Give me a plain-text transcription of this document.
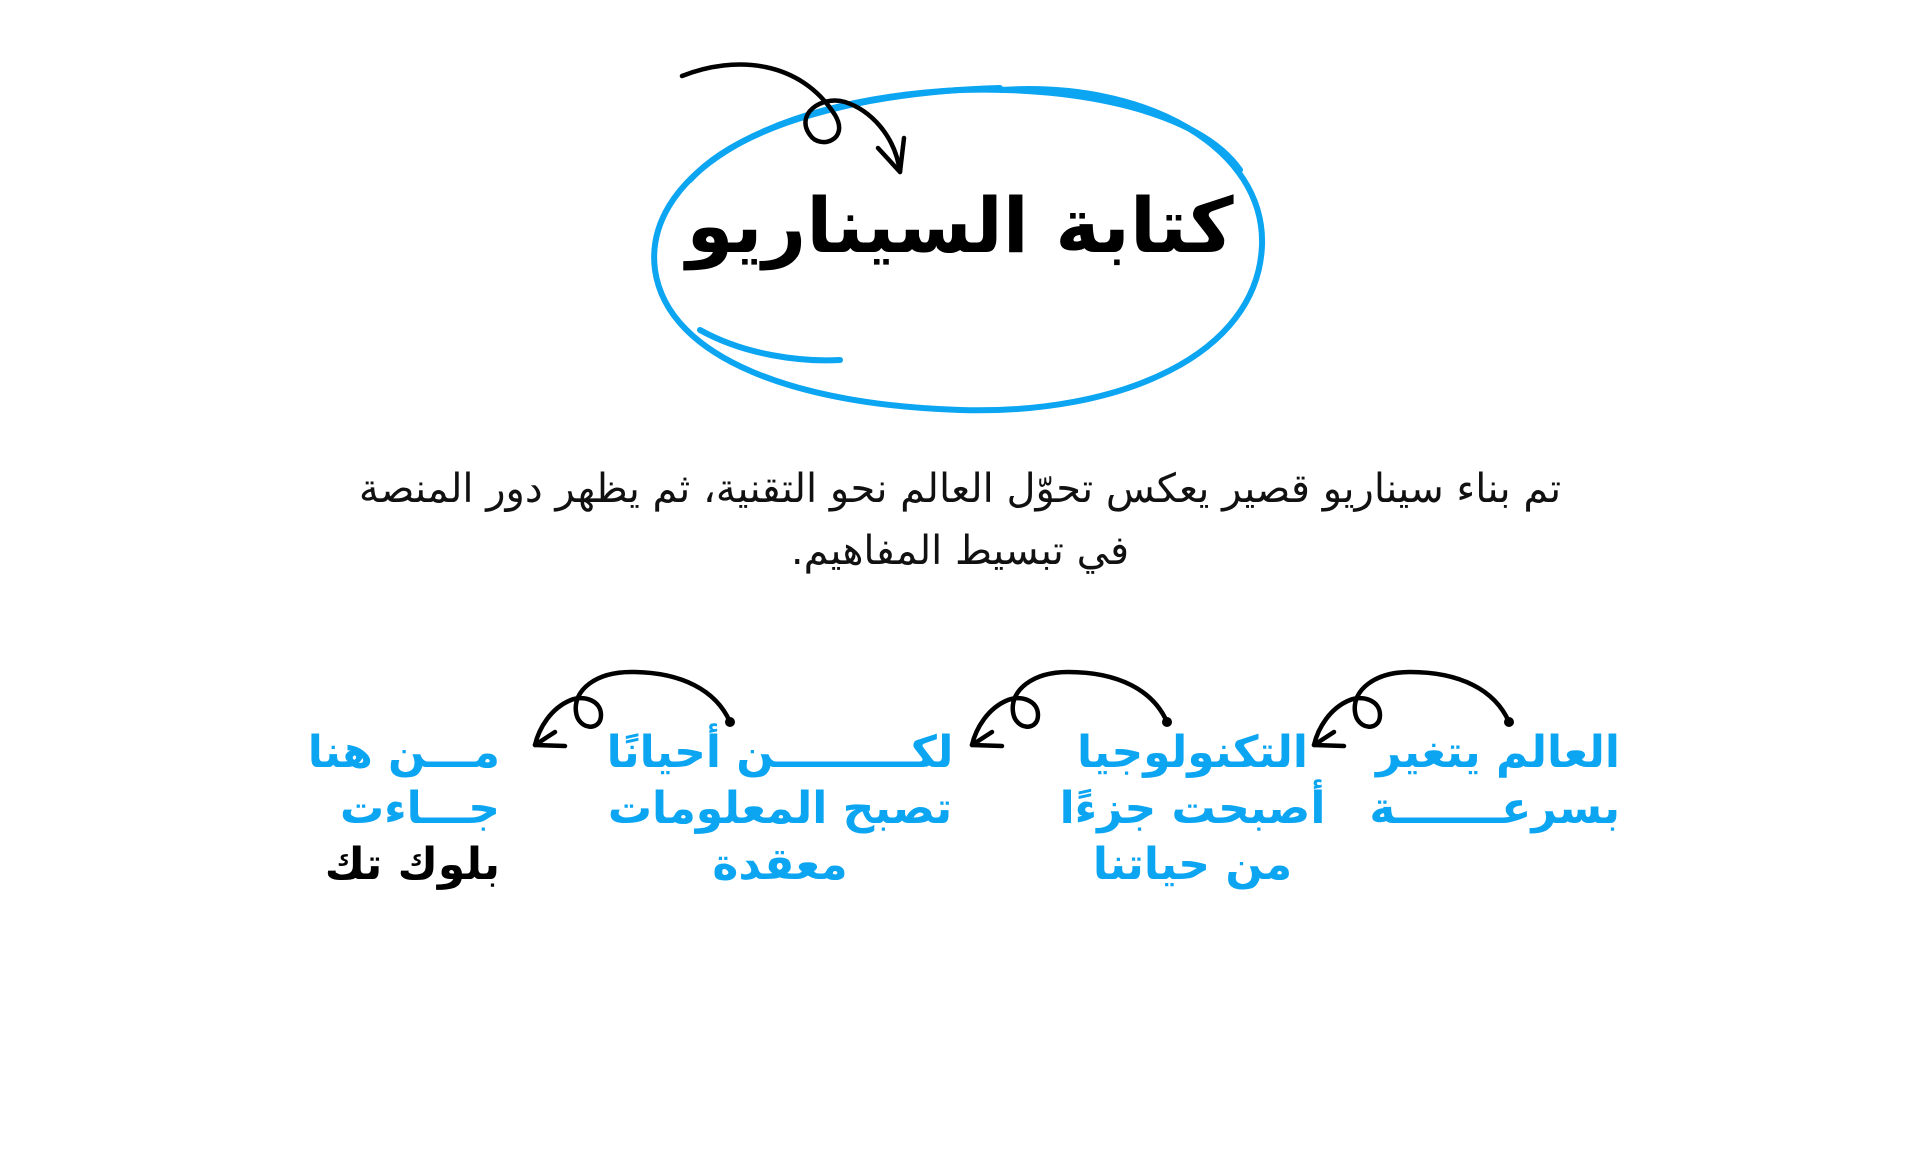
كتابة السيناريو
تم بناء سيناريو قصير يعكس تحوّل العالم نحو التقنية، ثم يظهر دور المنصة
في تبسيط المفاهيم.
العالم يتغير
بسرعـــــــة
التكنولوجيا
أصبحت جزءًا
من حياتنا
لكـــــــــن أحيانًا
تصبح المعلومات
معقدة
مـــن هنا
جـــاءت
بلوك تك
